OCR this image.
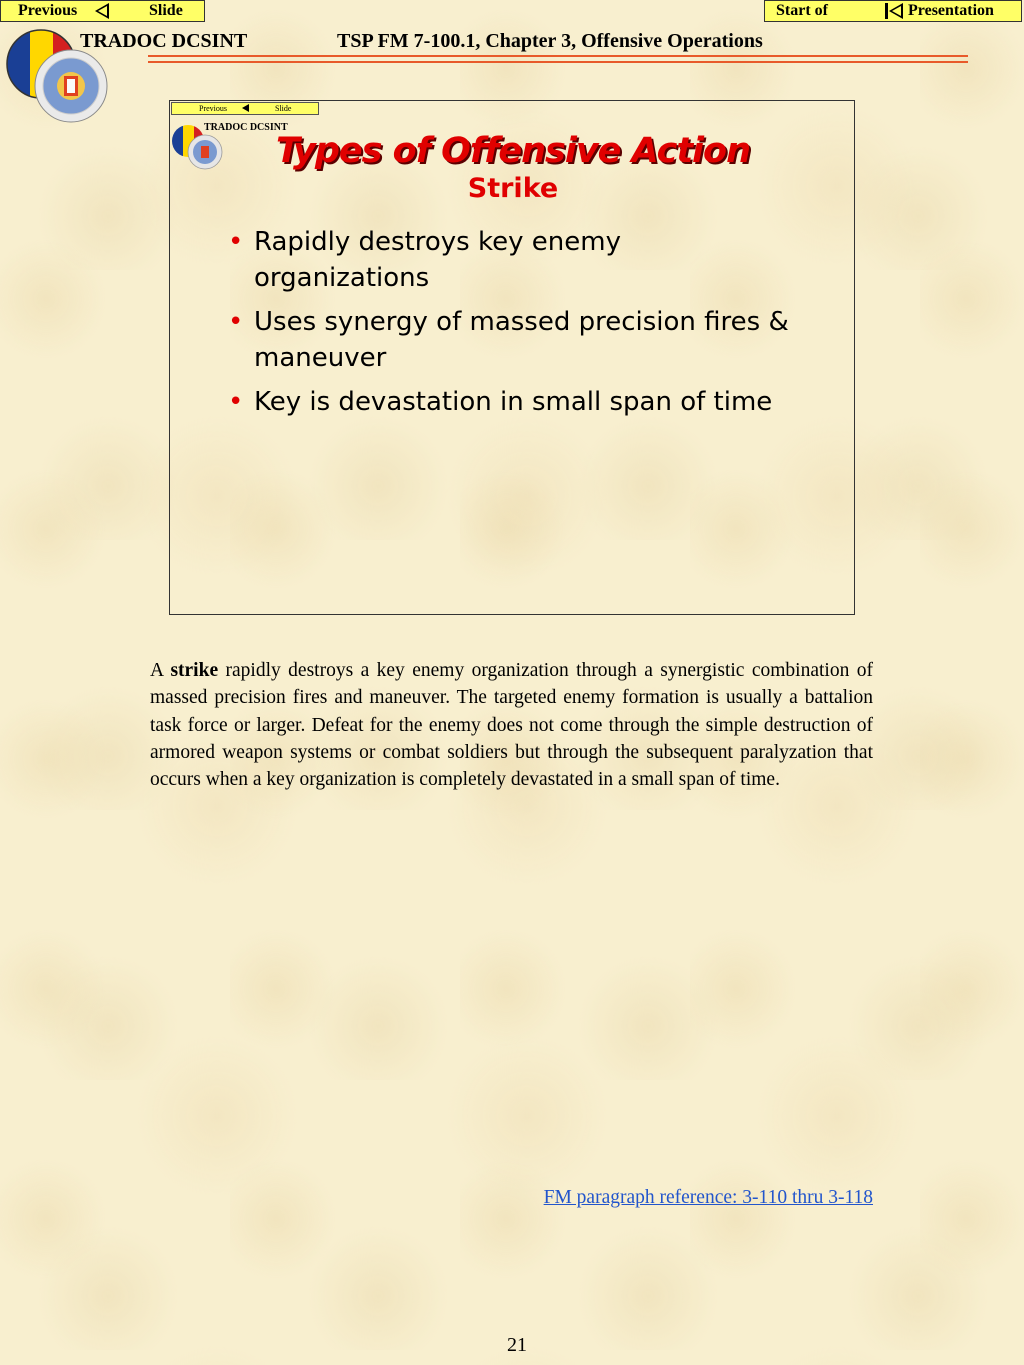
Previous	Slide	Start of	Presentation
TRADOC DCSINT	TSP FM 7-100.1, Chapter 3, Offensive Operations
Previous	Slide
TRADOC DCSINT
Types of Offensive Action
Strike
• Rapidly destroys key enemy organizations
• Uses synergy of massed precision fires & maneuver
• Key is devastation in small span of time

A strike rapidly destroys a key enemy organization through a synergistic combination of massed precision fires and maneuver. The targeted enemy formation is usually a battalion task force or larger. Defeat for the enemy does not come through the simple destruction of armored weapon systems or combat soldiers but through the subsequent paralyzation that occurs when a key organization is completely devastated in a small span of time.

FM paragraph reference: 3-110 thru 3-118
21
